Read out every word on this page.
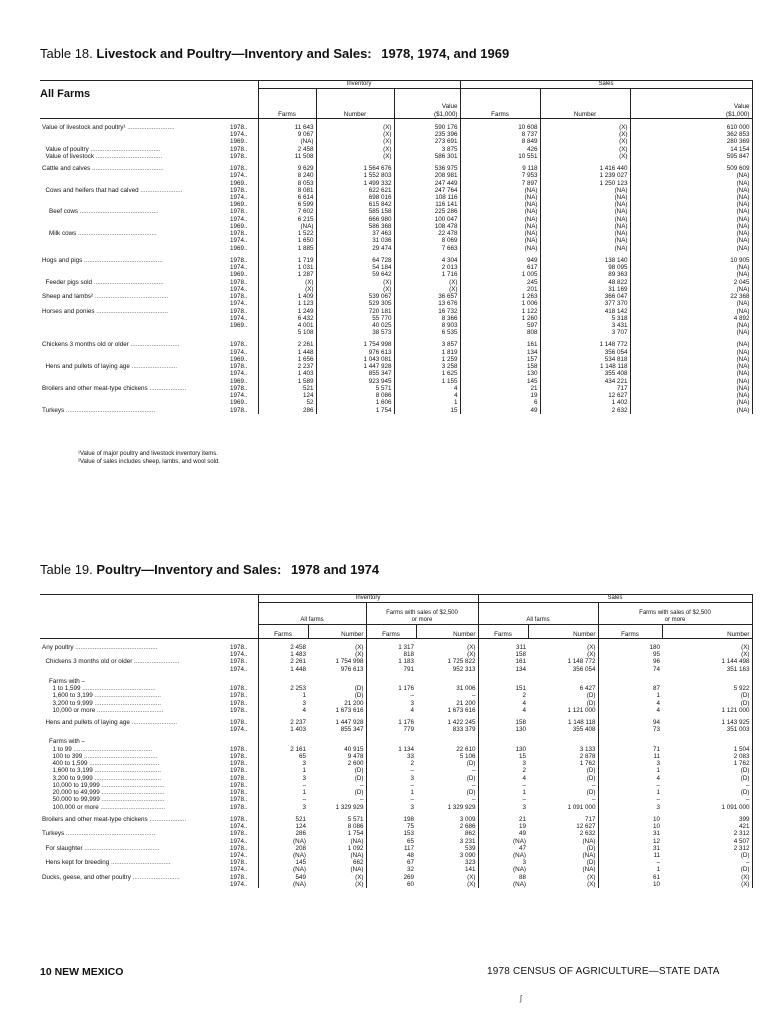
Table 18. Livestock and Poultry—Inventory and Sales: 1978, 1974, and 1969
All Farms
		Inventory			Sales		
		Farms	Number	Value
($1,000)	Farms	Number	Value
($1,000)

Value of livestock and poultry¹ ...........................	1978..	11 643	(X)	590 176	10 608	(X)	610 000
	1974..	9 067	(X)	235 396	8 737	(X)	362 853
	1969..	(NA)	(X)	273 691	8 849	(X)	280 369
Value of poultry ........................................	1978..	2 458	(X)	3 875	426	(X)	14 154
Value of livestock ......................................	1978..	11 508	(X)	586 301	10 551	(X)	595 847

Cattle and calves .........................................	1978..	9 629	1 564 676	536 975	9 118	1 416 440	509 609
	1974..	8 240	1 552 803	208 981	7 953	1 239 027	(NA)
	1969..	8 053	1 499 332	247 449	7 897	1 250 123	(NA)
Cows and heifers that had calved ........................	1978..	8 081	622 621	247 764	(NA)	(NA)	(NA)
	1974..	6 614	698 016	108 116	(NA)	(NA)	(NA)
	1969..	6 599	615 842	116 141	(NA)	(NA)	(NA)
Beef cows .............................................	1978..	7 602	585 158	225 286	(NA)	(NA)	(NA)
	1974..	6 215	666 980	100 047	(NA)	(NA)	(NA)
	1969..	(NA)	586 368	108 478	(NA)	(NA)	(NA)
Milk cows .............................................	1978..	1 522	37 463	22 478	(NA)	(NA)	(NA)
	1974..	1 650	31 036	8 069	(NA)	(NA)	(NA)
	1969..	1 885	29 474	7 663	(NA)	(NA)	(NA)

Hogs and pigs .............................................	1978..	1 719	64 728	4 304	949	138 140	10 905
	1974..	1 031	54 184	2 013	617	98 095	(NA)
	1969..	1 287	59 642	1 716	1 005	89 363	(NA)
Feeder pigs sold ........................................	1978..	(X)	(X)	(X)	245	48 822	2 045
	1974..	(X)	(X)	(X)	201	31 169	(NA)
Sheep and lambs² ..........................................	1978..	1 409	539 067	36 657	1 263	366 047	22 368
	1974..	1 123	529 305	13 676	1 006	377 370	(NA)
Horses and ponies .........................................	1978..	1 249	720 181	16 732	1 122	418 142	(NA)
	1974..	6 432	55 770	8 366	1 260	5 318	4 892
	1969..	4 001	40 025	8 903	597	3 431	(NA)
		5 108	38 573	6 535	808	3 707	(NA)

Chickens 3 months old or older ............................	1978..	2 261	1 754 998	3 857	161	1 148 772	(NA)
	1974..	1 448	976 613	1 819	134	356 054	(NA)
	1969..	1 656	1 043 081	1 259	157	534 818	(NA)
Hens and pullets of laying age ..........................	1978..	2 237	1 447 928	3 258	158	1 148 118	(NA)
	1974..	1 403	855 347	1 625	130	355 408	(NA)
	1969..	1 589	923 945	1 155	145	434 221	(NA)
Broilers and other meat-type chickens .....................	1978..	521	5 571	4	21	717	(NA)
	1974..	124	8 086	4	19	12 627	(NA)
	1969..	52	1 606	1	6	1 402	(NA)
Turkeys ...................................................	1978..	286	1 754	15	49	2 632	(NA)
¹Value of major poultry and livestock inventory items.
²Value of sales includes sheep, lambs, and wool sold.
Table 19. Poultry—Inventory and Sales: 1978 and 1974
		Inventory				Sales			
		All farms		Farms with sales of $2,500
or more		All farms		Farms with sales of $2,500
or more	
		Farms	Number	Farms	Number	Farms	Number	Farms	Number

Any poultry ...............................................	1978..	2 458	(X)	1 317	(X)	311	(X)	180	(X)
	1974..	1 483	(X)	818	(X)	158	(X)	95	(X)
Chickens 3 months old or older ..........................	1978..	2 261	1 754 998	1 183	1 725 822	161	1 148 772	96	1 144 498
	1974..	1 448	976 613	791	952 313	134	356 054	74	351 163

Farms with –									
1 to 1,599 ..........................................	1978..	2 253	(D)	1 176	31 006	151	6 427	87	5 922
1,600 to 3,199 ......................................	1978..	1	(D)	–	–	2	(D)	1	(D)
3,200 to 9,999 ......................................	1978..	3	21 200	3	21 200	4	(D)	4	(D)
10,000 or more ......................................	1978..	4	1 673 616	4	1 673 616	4	1 121 000	4	1 121 000

Hens and pullets of laying age ..........................	1978..	2 237	1 447 928	1 176	1 422 245	158	1 148 118	94	1 143 925
	1974..	1 403	855 347	779	833 379	130	355 408	73	351 003

Farms with –									
1 to 99 .............................................	1978..	2 161	40 915	1 134	22 610	130	3 133	71	1 504
100 to 399 ..........................................	1978..	65	9 478	33	5 106	15	2 878	11	2 083
400 to 1,599 ........................................	1978..	3	2 600	2	(D)	3	1 762	3	1 762
1,600 to 3,199 ......................................	1978..	1	(D)	–	–	2	(D)	1	(D)
3,200 to 9,999 ......................................	1978..	3	(D)	3	(D)	4	(D)	4	(D)
10,000 to 19,999 ....................................	1978..	–	–	–	–	–	–	–	–
20,000 to 49,999 ....................................	1978..	1	(D)	1	(D)	1	(D)	1	(D)
50,000 to 99,999 ....................................	1978..	–	–	–	–	–	–	–	–
100,000 or more .....................................	1978..	3	1 329 929	3	1 329 929	3	1 091 000	3	1 091 000

Broilers and other meat-type chickens .....................	1978..	521	5 571	198	3 009	21	717	10	399
	1974..	124	8 086	75	2 686	19	12 627	10	421
Turkeys ...................................................	1978..	286	1 754	153	862	49	2 632	31	2 312
	1974..	(NA)	(NA)	65	3 231	(NA)	(NA)	12	4 507
For slaughter ...........................................	1978..	208	1 092	117	539	47	(D)	31	2 312
	1974..	(NA)	(NA)	48	3 090	(NA)	(NA)	11	(D)
Hens kept for breeding ..................................	1978..	145	662	67	323	3	(D)	–	–
	1974..	(NA)	(NA)	32	141	(NA)	(NA)	1	(D)
Ducks, geese, and other poultry ...........................	1978..	549	(X)	269	(X)	88	(X)	61	(X)
	1974..	(NA)	(X)	60	(X)	(NA)	(X)	10	(X)
10 NEW MEXICO	1978 CENSUS OF AGRICULTURE—STATE DATA
ʃ
